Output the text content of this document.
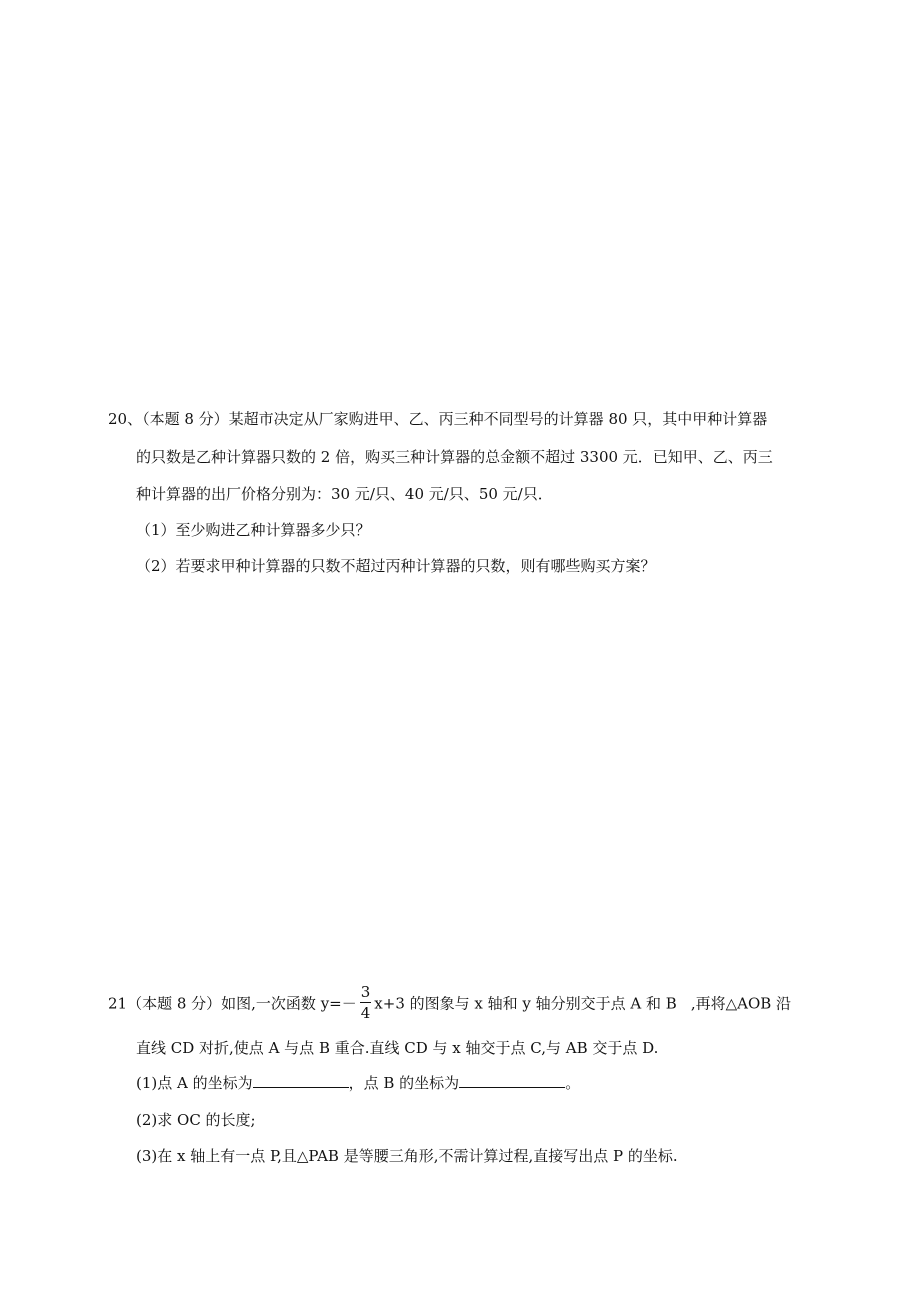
20、（本题 8 分）某超市决定从厂家购进甲、乙、丙三种不同型号的计算器 80 只，其中甲种计算器
的只数是乙种计算器只数的 2 倍，购买三种计算器的总金额不超过 3300 元．已知甲、乙、丙三
种计算器的出厂价格分别为：30 元/只、40 元/只、50 元/只．
（1）至少购进乙种计算器多少只？
（2）若要求甲种计算器的只数不超过丙种计算器的只数，则有哪些购买方案？
21（本题 8 分）如图,一次函数 $y=- \frac{3}{4} x+3$ 的图象与 x 轴和 y 轴分别交于点 A 和 B ,再将△AOB 沿
直线 CD 对折,使点 A 与点 B 重合.直线 CD 与 x 轴交于点 C,与 AB 交于点 D.
(1)点 A 的坐标为	，点 B 的坐标为	。
(2)求 OC 的长度;
(3)在 x 轴上有一点 P,且△PAB 是等腰三角形,不需计算过程,直接写出点 P 的坐标.
